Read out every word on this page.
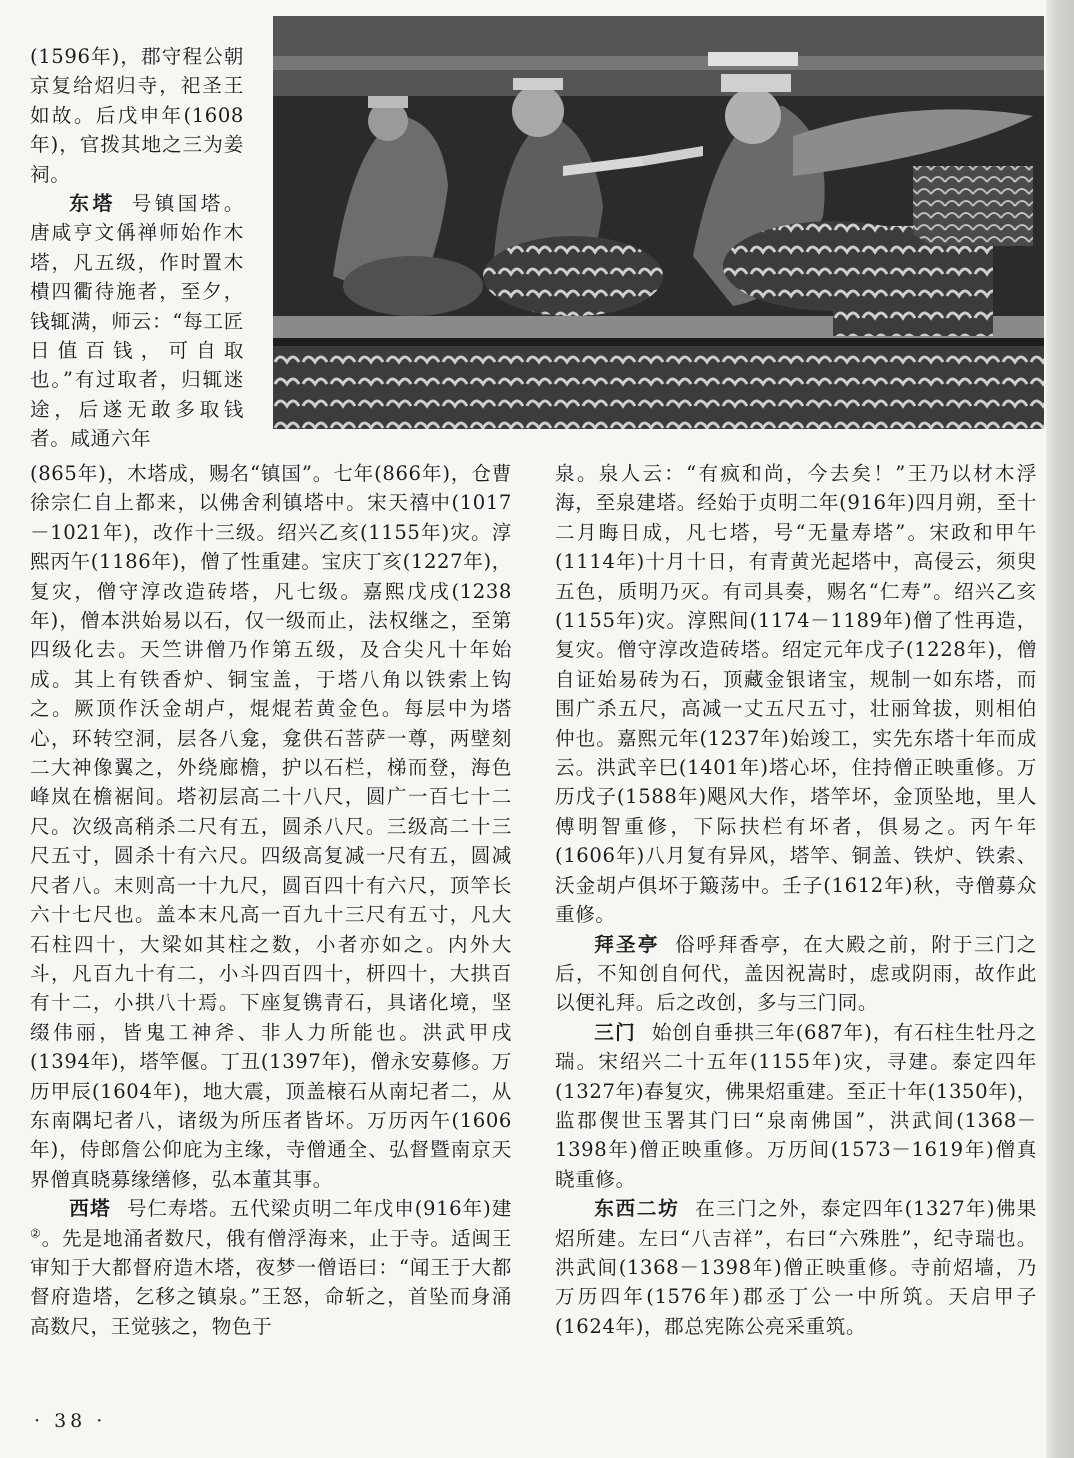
(1596年)，郡守程公朝京复给炤归寺，祀圣王如故。后戊申年(1608年)，官拨其地之三为姜祠。

东塔 号镇国塔。唐咸亨文偁禅师始作木塔，凡五级，作时置木樻四衢待施者，至夕，钱辄满，师云：“每工匠日值百钱，可自取也。”有过取者，归辄迷途，后遂无敢多取钱者。咸通六年

(865年)，木塔成，赐名“镇国”。七年(866年)，仓曹徐宗仁自上都来，以佛舍利镇塔中。宋天禧中(1017－1021年)，改作十三级。绍兴乙亥(1155年)灾。淳熙丙午(1186年)，僧了性重建。宝庆丁亥(1227年)，复灾，僧守淳改造砖塔，凡七级。嘉熙戊戌(1238年)，僧本洪始易以石，仅一级而止，法权继之，至第四级化去。天竺讲僧乃作第五级，及合尖凡十年始成。其上有铁香炉、铜宝盖，于塔八角以铁索上钩之。厥顶作沃金胡卢，焜焜若黄金色。每层中为塔心，环转空洞，层各八龛，龛供石菩萨一尊，两壁刻二大神像翼之，外绕廊檐，护以石栏，梯而登，海色峰岚在檐裾间。塔初层高二十八尺，圆广一百七十二尺。次级高稍杀二尺有五，圆杀八尺。三级高二十三尺五寸，圆杀十有六尺。四级高复减一尺有五，圆减尺者八。末则高一十九尺，圆百四十有六尺，顶竿长六十七尺也。盖本末凡高一百九十三尺有五寸，凡大石柱四十，大梁如其柱之数，小者亦如之。内外大斗，凡百九十有二，小斗四百四十，枅四十，大拱百有十二，小拱八十焉。下座复镌青石，具诸化境，坚缀伟丽，皆鬼工神斧、非人力所能也。洪武甲戌(1394年)，塔竿偃。丁丑(1397年)，僧永安募修。万历甲辰(1604年)，地大震，顶盖榱石从南圮者二，从东南隅圮者八，诸级为所压者皆坏。万历丙午(1606年)，侍郎詹公仰庇为主缘，寺僧通全、弘督暨南京天界僧真晓募缘缮修，弘本董其事。

西塔 号仁寿塔。五代梁贞明二年戊申(916年)建②。先是地涌者数尺，俄有僧浮海来，止于寺。适闽王审知于大都督府造木塔，夜梦一僧语曰：“闻王于大都督府造塔，乞移之镇泉。”王怒，命斩之，首坠而身涌高数尺，王觉骇之，物色于

泉。泉人云：“有疯和尚，今去矣！”王乃以材木浮海，至泉建塔。经始于贞明二年(916年)四月朔，至十二月晦日成，凡七塔，号“无量寿塔”。宋政和甲午(1114年)十月十日，有青黄光起塔中，高侵云，须臾五色，质明乃灭。有司具奏，赐名“仁寿”。绍兴乙亥(1155年)灾。淳熙间(1174－1189年)僧了性再造，复灾。僧守淳改造砖塔。绍定元年戊子(1228年)，僧自证始易砖为石，顶藏金银诸宝，规制一如东塔，而围广杀五尺，高减一丈五尺五寸，壮丽耸拔，则相伯仲也。嘉熙元年(1237年)始竣工，实先东塔十年而成云。洪武辛巳(1401年)塔心坏，住持僧正映重修。万历戊子(1588年)飓风大作，塔竿坏，金顶坠地，里人傅明智重修，下际扶栏有坏者，俱易之。丙午年(1606年)八月复有异风，塔竿、铜盖、铁炉、铁索、沃金胡卢俱坏于簸荡中。壬子(1612年)秋，寺僧募众重修。

拜圣亭 俗呼拜香亭，在大殿之前，附于三门之后，不知创自何代，盖因祝嵩时，虑或阴雨，故作此以便礼拜。后之改创，多与三门同。

三门 始创自垂拱三年(687年)，有石柱生牡丹之瑞。宋绍兴二十五年(1155年)灾，寻建。泰定四年(1327年)春复灾，佛果炤重建。至正十年(1350年)，监郡偰世玉署其门曰“泉南佛国”，洪武间(1368－1398年)僧正映重修。万历间(1573－1619年)僧真晓重修。

东西二坊 在三门之外，泰定四年(1327年)佛果炤所建。左曰“八吉祥”，右曰“六殊胜”，纪寺瑞也。洪武间(1368－1398年)僧正映重修。寺前炤墙，乃万历四年(1576年)郡丞丁公一中所筑。天启甲子(1624年)，郡总宪陈公亮采重筑。

· 38 ·
